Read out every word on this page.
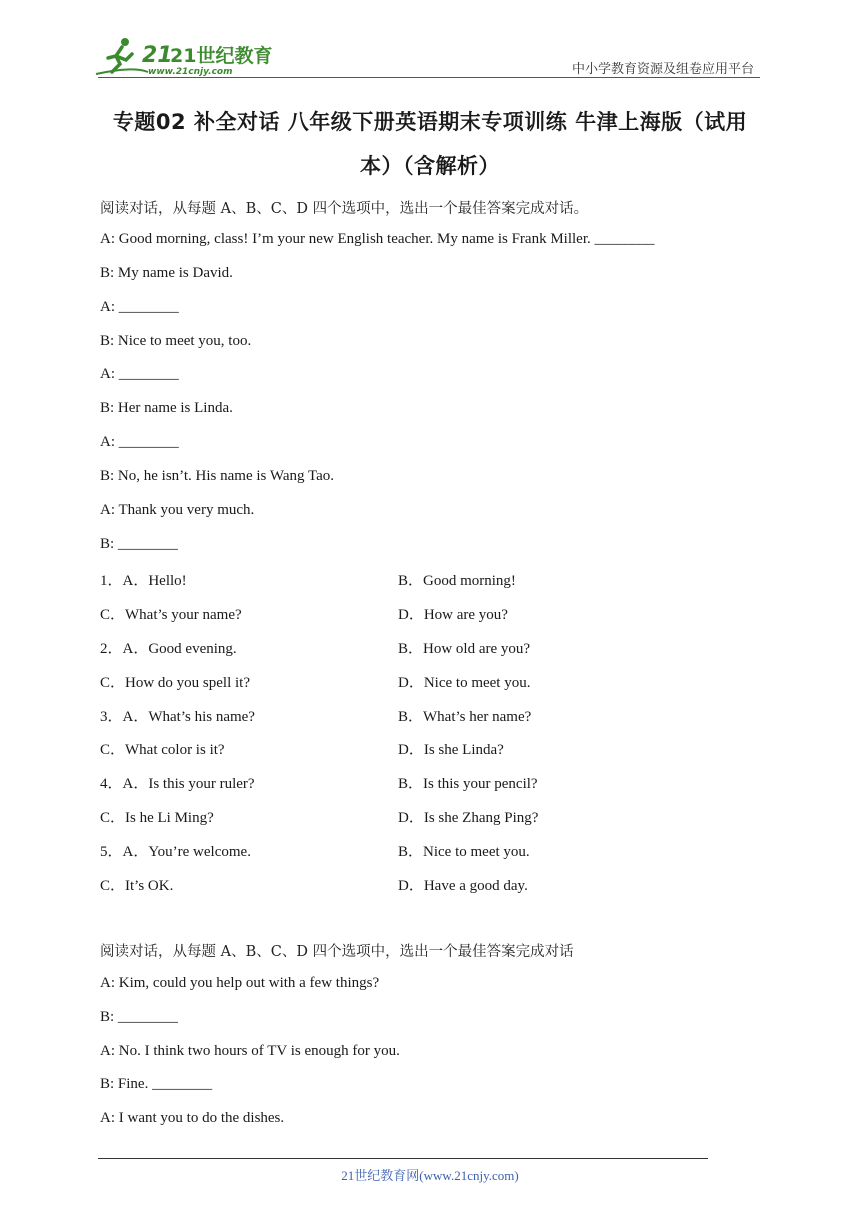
21
21世纪教育
www.21cnjy.com	中小学教育资源及组卷应用平台
专题02 补全对话 八年级下册英语期末专项训练 牛津上海版（试用
本）（含解析）
阅读对话，从每题 A、B、C、D 四个选项中，选出一个最佳答案完成对话。
A: Good morning, class! I’m your new English teacher. My name is Frank Miller. ________
B: My name is David.
A: ________
B: Nice to meet you, too.
A: ________
B: Her name is Linda.
A: ________
B: No, he isn’t. His name is Wang Tao.
A: Thank you very much.
B: ________
1．A．Hello!	B．Good morning!
C．What’s your name?	D．How are you?
2．A．Good evening.	B．How old are you?
C．How do you spell it?	D．Nice to meet you.
3．A．What’s his name?	B．What’s her name?
C．What color is it?	D．Is she Linda?
4．A．Is this your ruler?	B．Is this your pencil?
C．Is he Li Ming?	D．Is she Zhang Ping?
5．A．You’re welcome.	B．Nice to meet you.
C．It’s OK.	D．Have a good day.
阅读对话，从每题 A、B、C、D 四个选项中，选出一个最佳答案完成对话
A: Kim, could you help out with a few things?
B: ________
A: No. I think two hours of TV is enough for you.
B: Fine. ________
A: I want you to do the dishes.
21世纪教育网(www.21cnjy.com)
